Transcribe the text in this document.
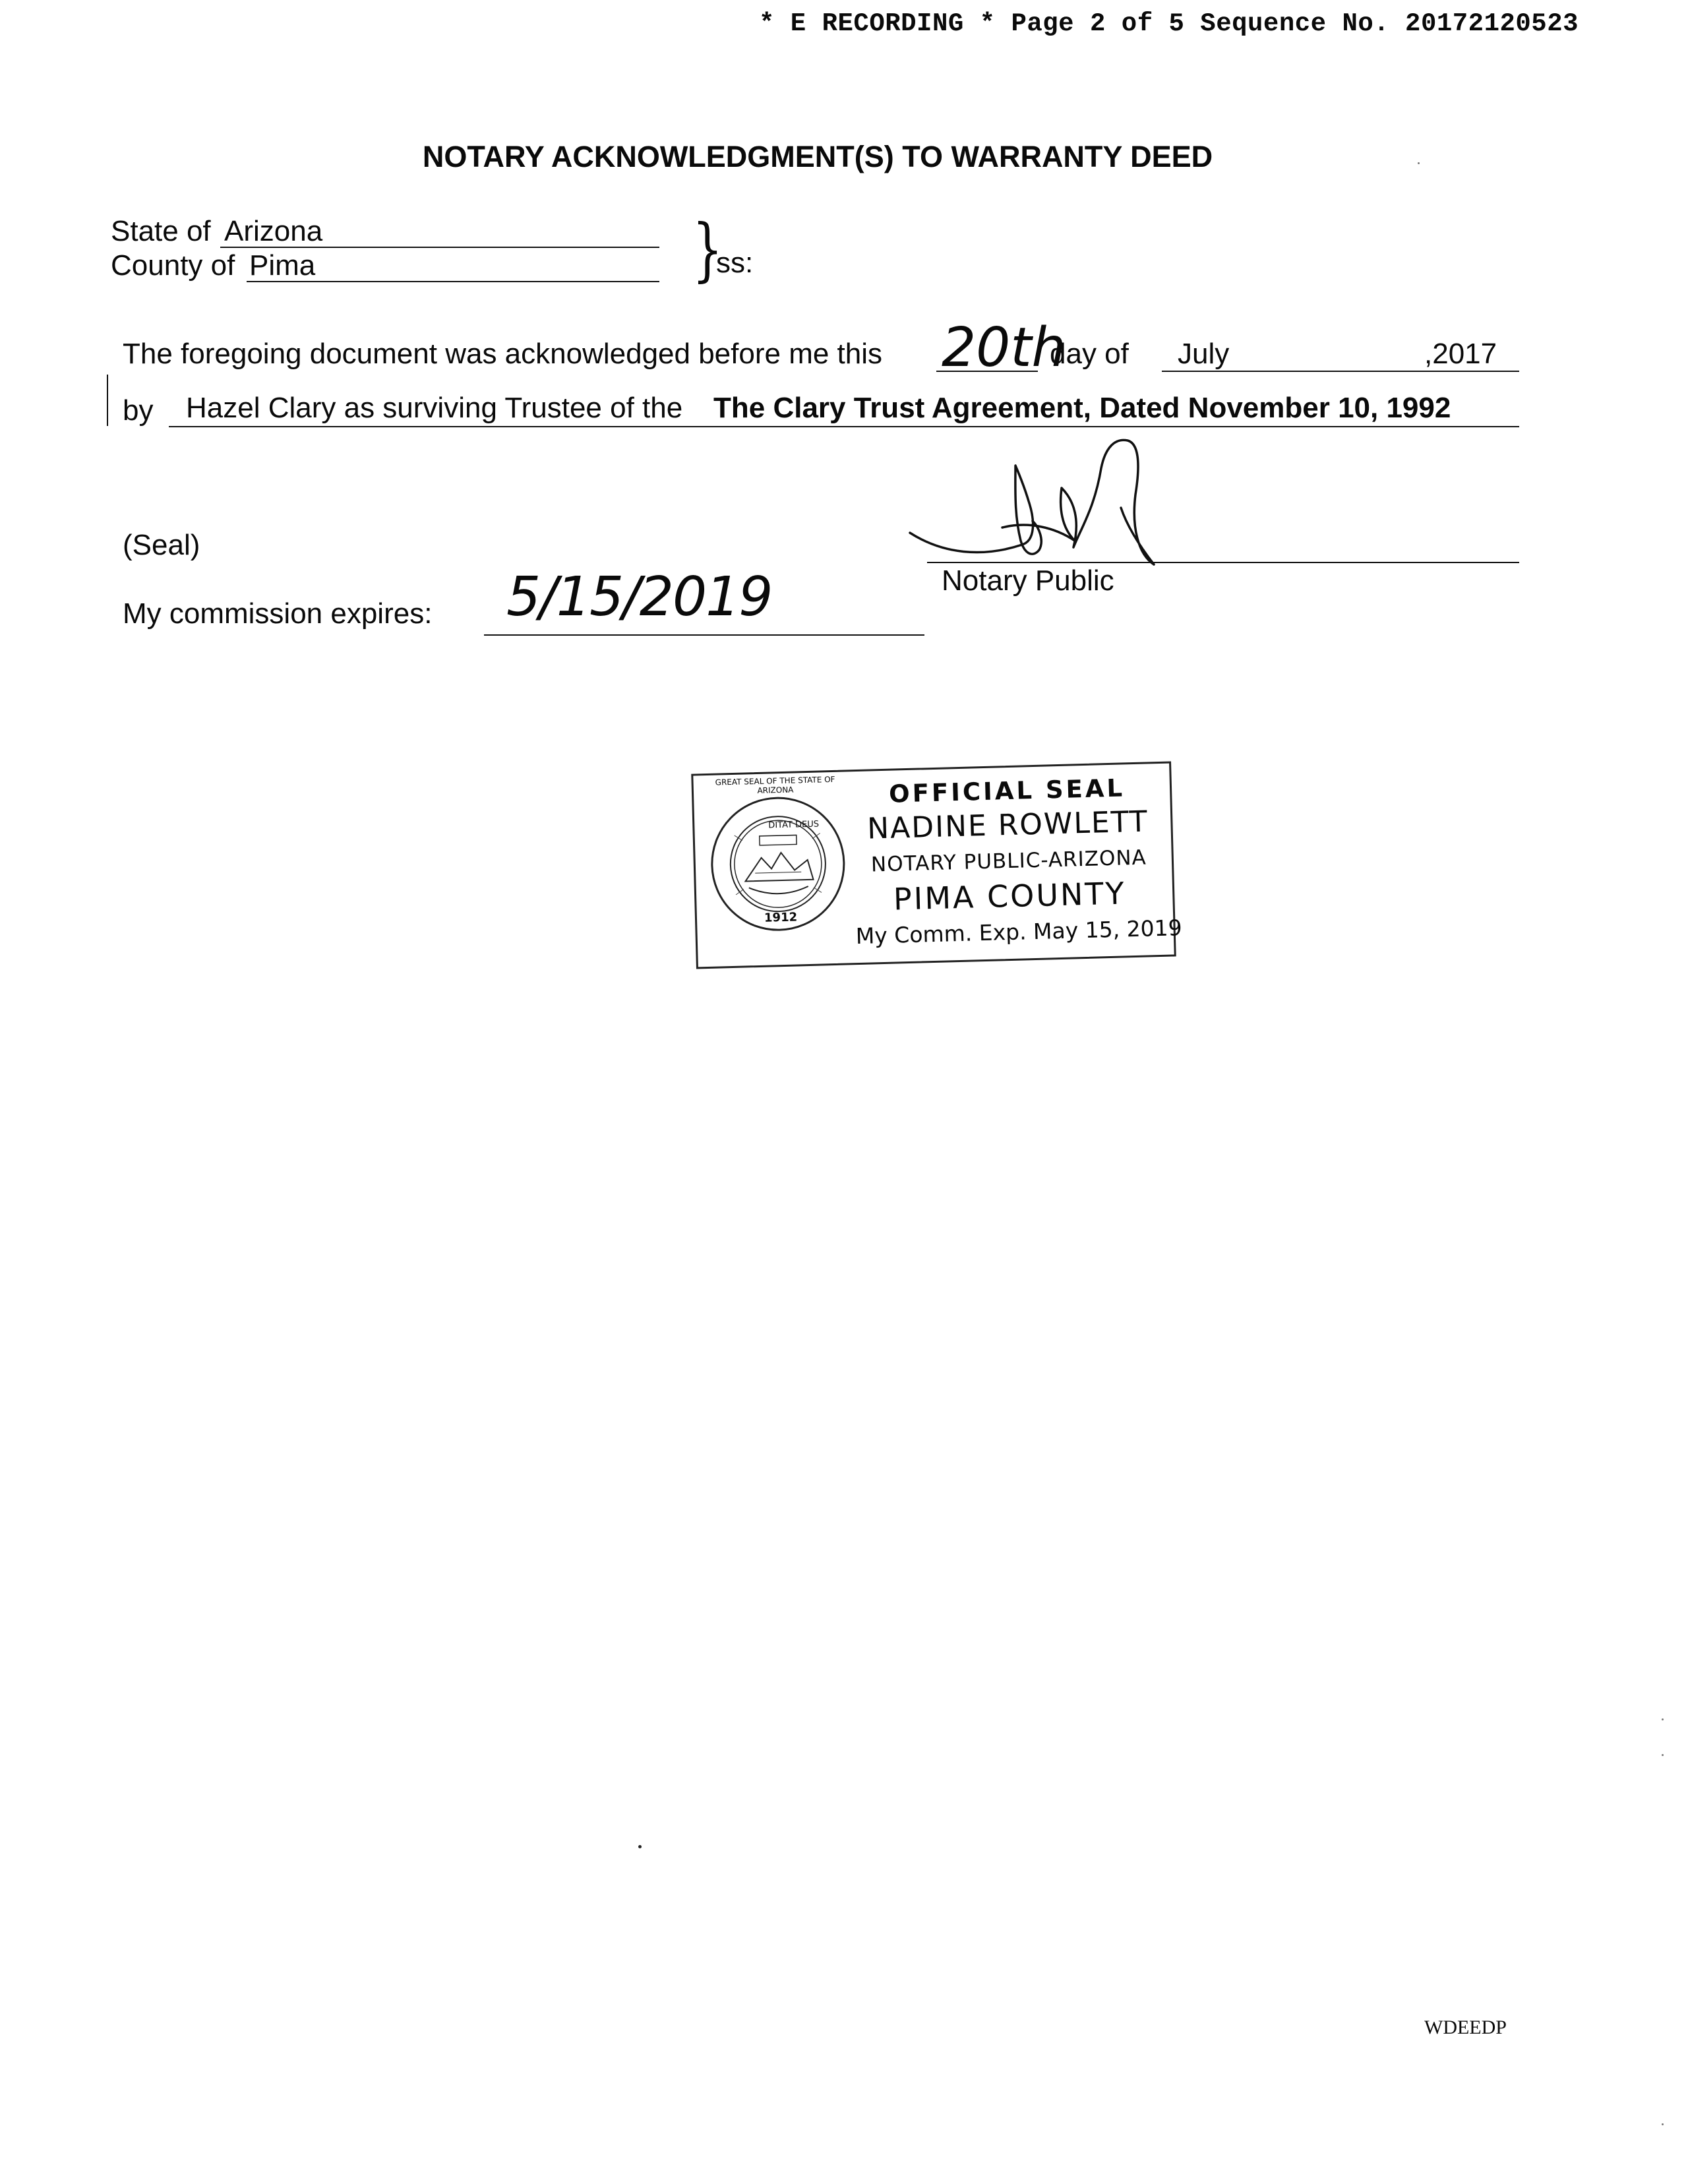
* E RECORDING * Page 2 of 5 Sequence No. 20172120523
NOTARY ACKNOWLEDGMENT(S) TO WARRANTY DEED
State of Arizona
County of Pima	}
ss:
The foregoing document was acknowledged before me this 20th
day of July	,2017
by Hazel Clary as surviving Trustee of the The Clary Trust Agreement, Dated November 10, 1992
(Seal)
My commission expires: 5/15/2019	Notary Public
DITAT DEUS
1912
GREAT SEAL OF THE STATE OF ARIZONA	OFFICIAL SEAL
NADINE ROWLETT
NOTARY PUBLIC-ARIZONA
PIMA COUNTY
My Comm. Exp. May 15, 2019
WDEEDP
